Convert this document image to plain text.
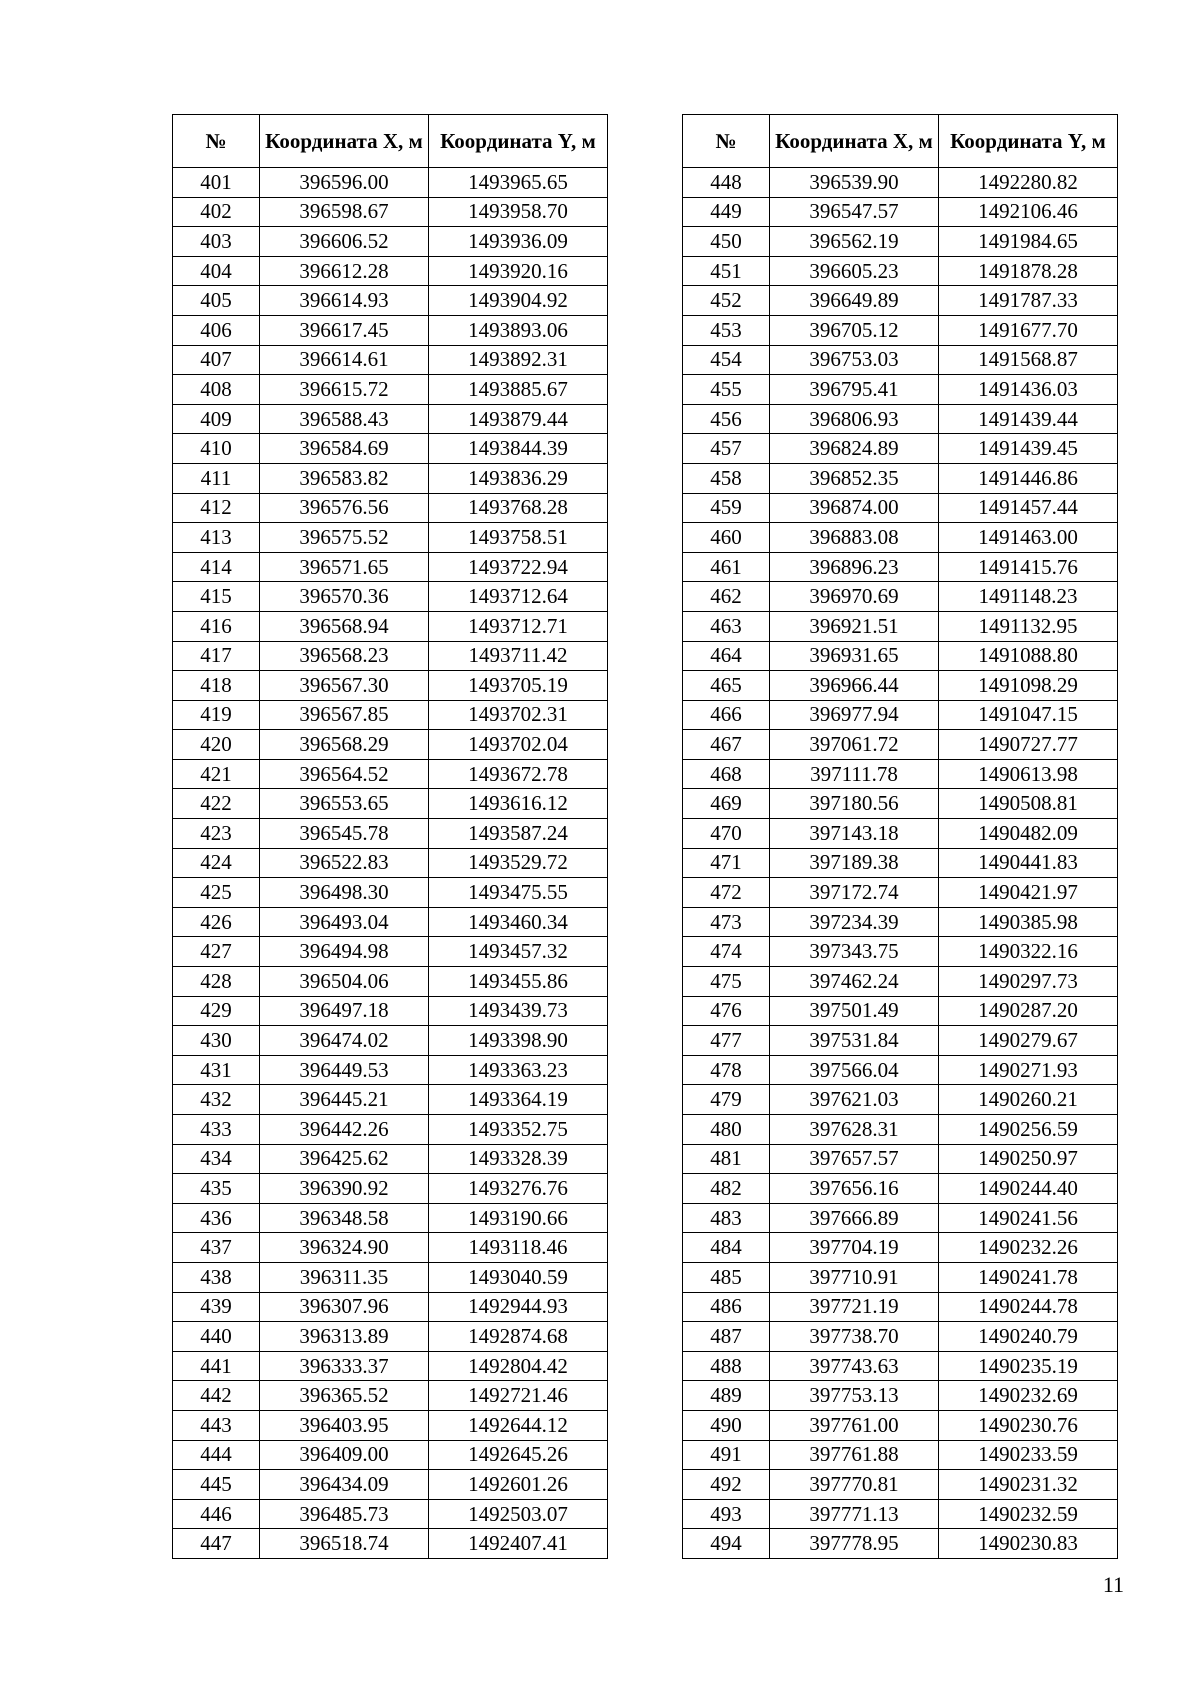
№	Координата X, м	Координата Y, м
401	396596.00	1493965.65
402	396598.67	1493958.70
403	396606.52	1493936.09
404	396612.28	1493920.16
405	396614.93	1493904.92
406	396617.45	1493893.06
407	396614.61	1493892.31
408	396615.72	1493885.67
409	396588.43	1493879.44
410	396584.69	1493844.39
411	396583.82	1493836.29
412	396576.56	1493768.28
413	396575.52	1493758.51
414	396571.65	1493722.94
415	396570.36	1493712.64
416	396568.94	1493712.71
417	396568.23	1493711.42
418	396567.30	1493705.19
419	396567.85	1493702.31
420	396568.29	1493702.04
421	396564.52	1493672.78
422	396553.65	1493616.12
423	396545.78	1493587.24
424	396522.83	1493529.72
425	396498.30	1493475.55
426	396493.04	1493460.34
427	396494.98	1493457.32
428	396504.06	1493455.86
429	396497.18	1493439.73
430	396474.02	1493398.90
431	396449.53	1493363.23
432	396445.21	1493364.19
433	396442.26	1493352.75
434	396425.62	1493328.39
435	396390.92	1493276.76
436	396348.58	1493190.66
437	396324.90	1493118.46
438	396311.35	1493040.59
439	396307.96	1492944.93
440	396313.89	1492874.68
441	396333.37	1492804.42
442	396365.52	1492721.46
443	396403.95	1492644.12
444	396409.00	1492645.26
445	396434.09	1492601.26
446	396485.73	1492503.07
447	396518.74	1492407.41
№	Координата X, м	Координата Y, м
448	396539.90	1492280.82
449	396547.57	1492106.46
450	396562.19	1491984.65
451	396605.23	1491878.28
452	396649.89	1491787.33
453	396705.12	1491677.70
454	396753.03	1491568.87
455	396795.41	1491436.03
456	396806.93	1491439.44
457	396824.89	1491439.45
458	396852.35	1491446.86
459	396874.00	1491457.44
460	396883.08	1491463.00
461	396896.23	1491415.76
462	396970.69	1491148.23
463	396921.51	1491132.95
464	396931.65	1491088.80
465	396966.44	1491098.29
466	396977.94	1491047.15
467	397061.72	1490727.77
468	397111.78	1490613.98
469	397180.56	1490508.81
470	397143.18	1490482.09
471	397189.38	1490441.83
472	397172.74	1490421.97
473	397234.39	1490385.98
474	397343.75	1490322.16
475	397462.24	1490297.73
476	397501.49	1490287.20
477	397531.84	1490279.67
478	397566.04	1490271.93
479	397621.03	1490260.21
480	397628.31	1490256.59
481	397657.57	1490250.97
482	397656.16	1490244.40
483	397666.89	1490241.56
484	397704.19	1490232.26
485	397710.91	1490241.78
486	397721.19	1490244.78
487	397738.70	1490240.79
488	397743.63	1490235.19
489	397753.13	1490232.69
490	397761.00	1490230.76
491	397761.88	1490233.59
492	397770.81	1490231.32
493	397771.13	1490232.59
494	397778.95	1490230.83
11
